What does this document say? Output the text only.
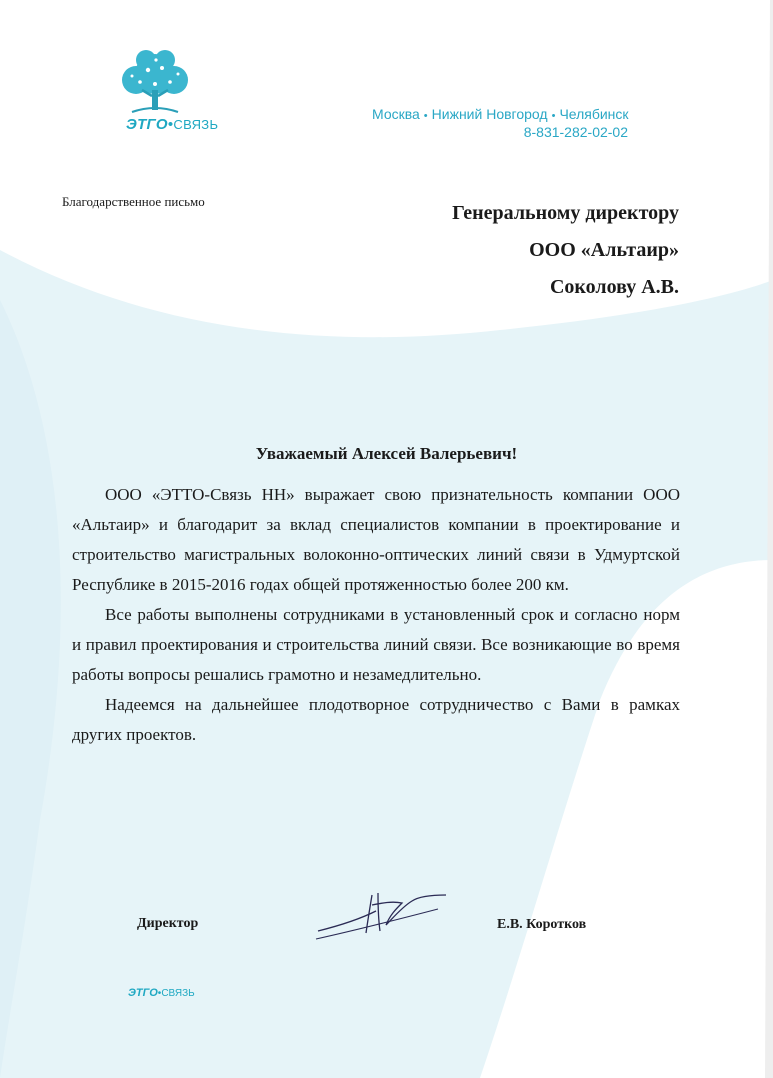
ЭТГО•СВЯЗЬ
Москва • Нижний Новгород • Челябинск
8-831-282-02-02
Благодарственное письмо
Генеральному директору
ООО «Альтаир»
Соколову А.В.
Уважаемый Алексей Валерьевич!

ООО «ЭТТО-Связь НН» выражает свою признательность компании ООО «Альтаир» и благодарит за вклад специалистов компании в проектирование и строительство магистральных волоконно-оптических линий связи в Удмуртской Республике в 2015-2016 годах общей протяженностью более 200 км.

Все работы выполнены сотрудниками в установленный срок и согласно норм и правил проектирования и строительства линий связи. Все возникающие во время работы вопросы решались грамотно и незамедлительно.

Надеемся на дальнейшее плодотворное сотрудничество с Вами в рамках других проектов.

Директор	Е.В. Коротков
ЭТГО•СВЯЗЬ
